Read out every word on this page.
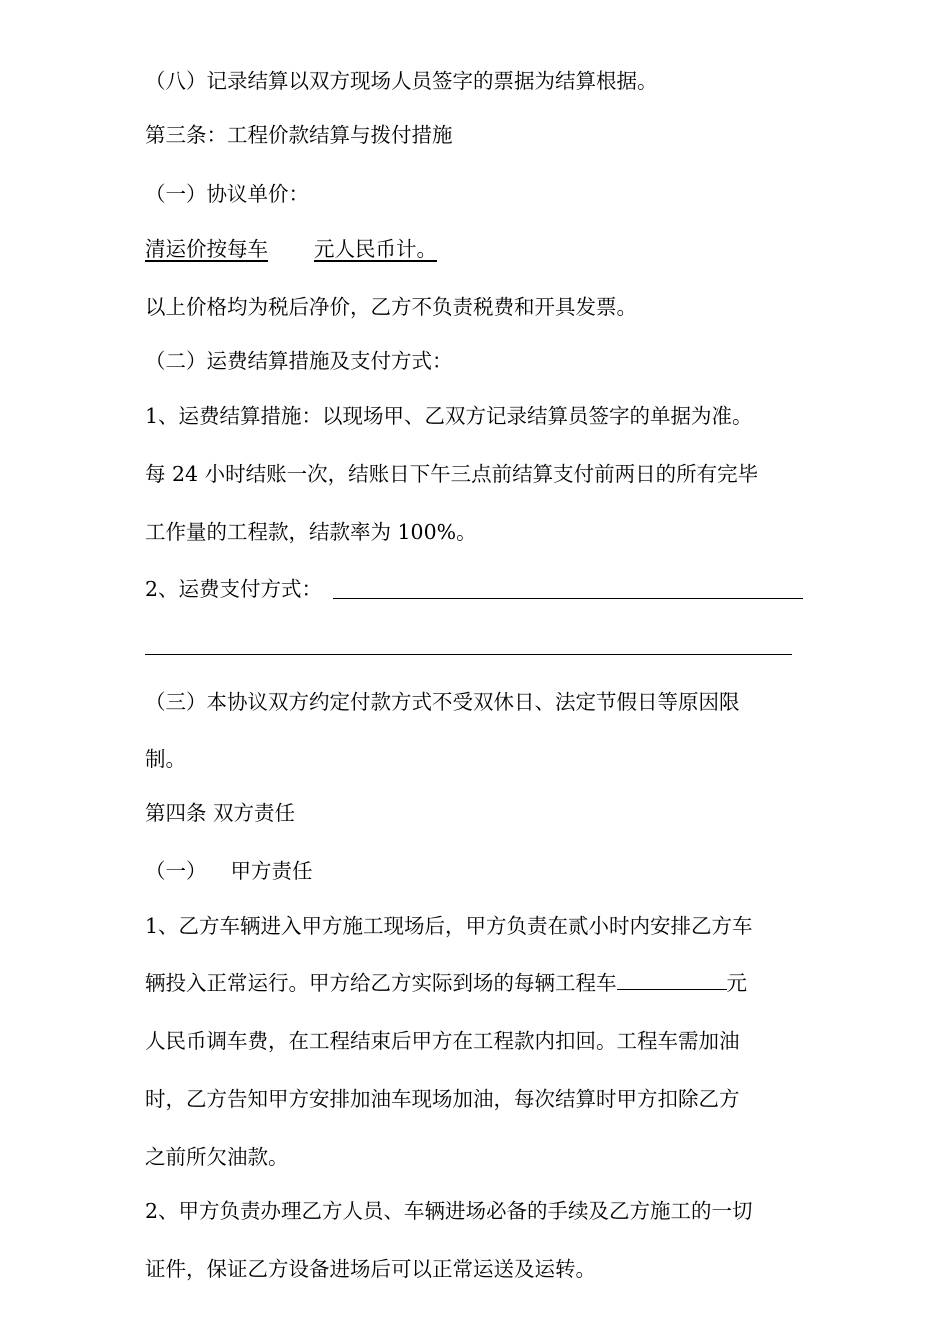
（八）记录结算以双方现场人员签字的票据为结算根据。
第三条：工程价款结算与拨付措施
（一）协议单价：
清运价按每车 元人民币计。
以上价格均为税后净价，乙方不负责税费和开具发票。
（二）运费结算措施及支付方式：
1、运费结算措施：以现场甲、乙双方记录结算员签字的单据为准。
每 24 小时结账一次，结账日下午三点前结算支付前两日的所有完毕
工作量的工程款，结款率为 100%。
2、运费支付方式：
（三）本协议双方约定付款方式不受双休日、法定节假日等原因限
制。
第四条 双方责任
（一） 甲方责任
1、乙方车辆进入甲方施工现场后，甲方负责在贰小时内安排乙方车
辆投入正常运行。甲方给乙方实际到场的每辆工程车	元
人民币调车费，在工程结束后甲方在工程款内扣回。工程车需加油
时，乙方告知甲方安排加油车现场加油，每次结算时甲方扣除乙方
之前所欠油款。
2、甲方负责办理乙方人员、车辆进场必备的手续及乙方施工的一切
证件，保证乙方设备进场后可以正常运送及运转。
